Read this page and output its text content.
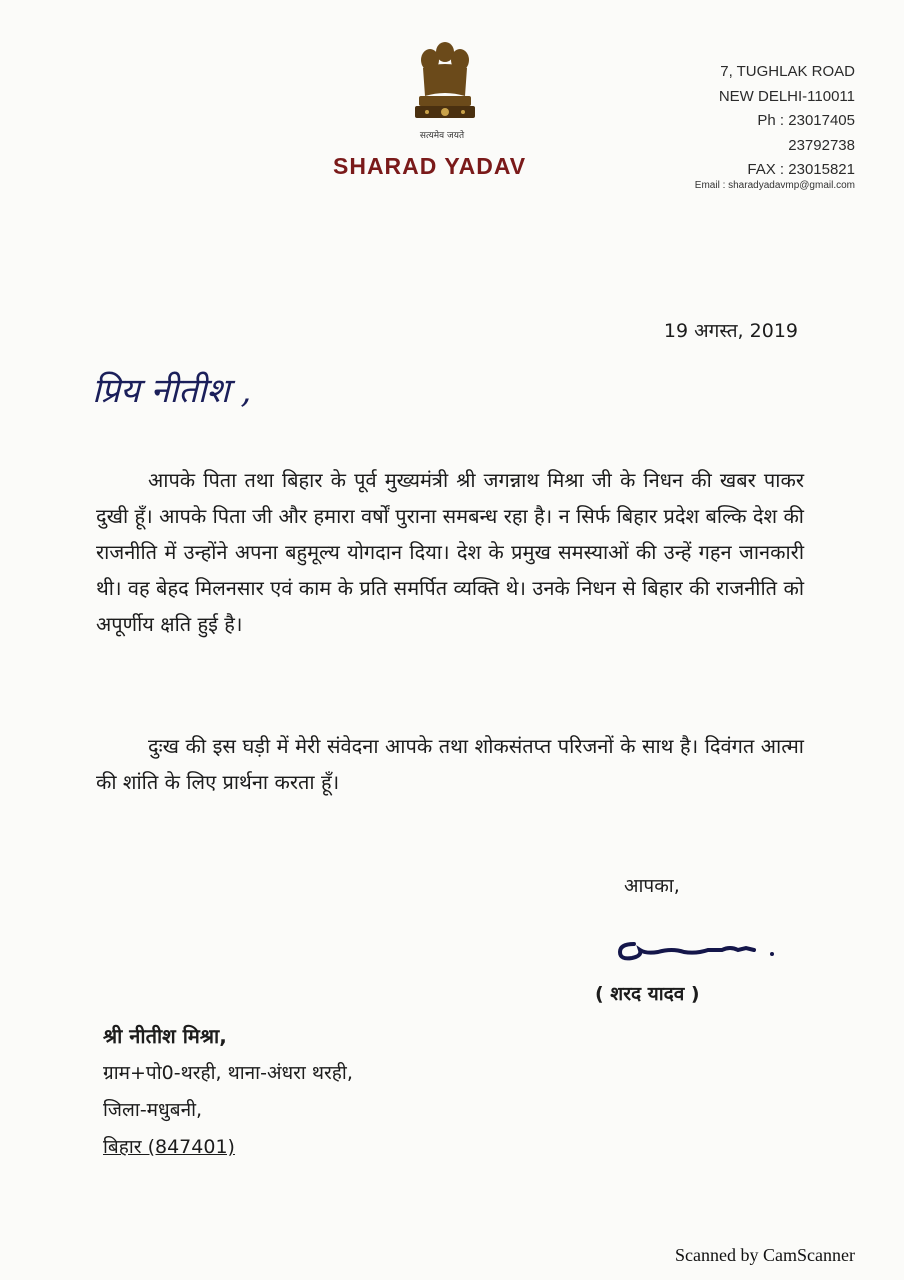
सत्यमेव जयते
SHARAD YADAV
7, TUGHLAK ROAD
NEW DELHI-110011
Ph : 23017405
23792738
FAX : 23015821
Email : sharadyadavmp@gmail.com
19 अगस्त, 2019
प्रिय नीतीश ,
आपके पिता तथा बिहार के पूर्व मुख्यमंत्री श्री जगन्नाथ मिश्रा जी के निधन की खबर पाकर दुखी हूँ। आपके पिता जी और हमारा वर्षों पुराना समबन्ध रहा है। न सिर्फ बिहार प्रदेश बल्कि देश की राजनीति में उन्होंने अपना बहुमूल्य योगदान दिया। देश के प्रमुख समस्याओं की उन्हें गहन जानकारी थी। वह बेहद मिलनसार एवं काम के प्रति समर्पित व्यक्ति थे। उनके निधन से बिहार की राजनीति को अपूर्णीय क्षति हुई है।
दुःख की इस घड़ी में मेरी संवेदना आपके तथा शोकसंतप्त परिजनों के साथ है। दिवंगत आत्मा की शांति के लिए प्रार्थना करता हूँ।
आपका,
( शरद यादव )
श्री नीतीश मिश्रा,
ग्राम+पो0-थरही, थाना-अंधरा थरही,
जिला-मधुबनी,
बिहार (847401)
Scanned by CamScanner
